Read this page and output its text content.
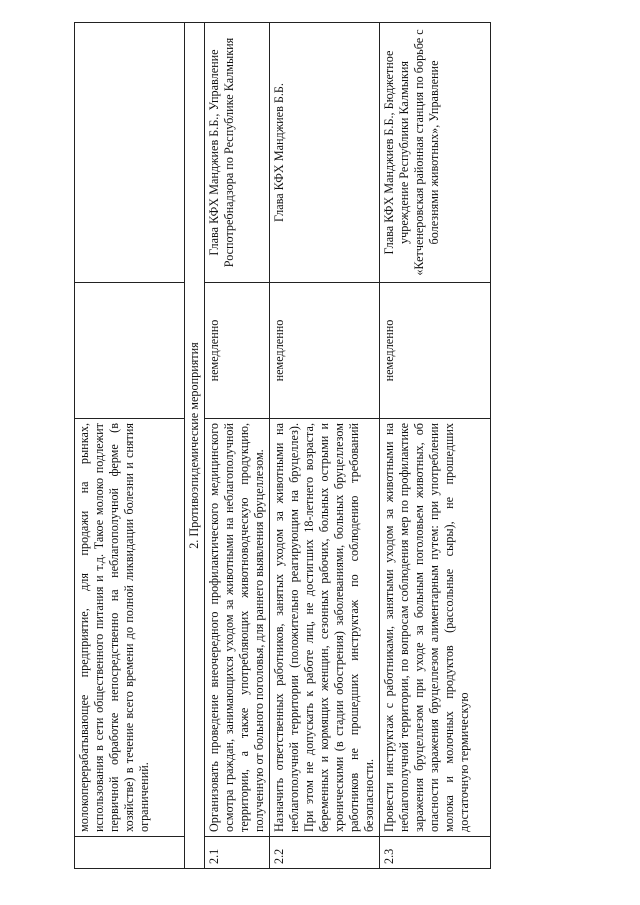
	молокоперерабатывающее предприятие, для продажи на рынках, использования в сети общественного питания и т.д. Такое молоко подлежит первичной обработке непосредственно на неблагополучной ферме (в хозяйстве) в течение всего времени до полной ликвидации болезни и снятия ограничений.		
2. Противоэпидемические мероприятия			
2.1	Организовать проведение внеочередного профилактического медицинского осмотра граждан, занимающихся уходом за животными на неблагополучной территории, а также употребляющих животноводческую продукцию, полученную от больного поголовья, для раннего выявления бруцеллезом.	немедленно	Глава КФХ Манджиев Б.Б., Управление Роспотребнадзора по Республике Калмыкия
2.2	Назначить ответственных работников, занятых уходом за животными на неблагополучной территории (положительно реагирующим на бруцеллез). При этом не допускать к работе лиц, не достигших 18-летнего возраста, беременных и кормящих женщин, сезонных рабочих, больных острыми и хроническими (в стадии обострения) заболеваниями, больных бруцеллезом работников не прошедших инструктаж по соблюдению требований безопасности.	немедленно	Глава КФХ Манджиев Б.Б.
2.3	Провести инструктаж с работниками, занятыми уходом за животными на неблагополучной территории, по вопросам соблюдения мер по профилактике заражения бруцеллезом при уходе за больным поголовьем животных, об опасности заражения бруцеллезом алиментарным путем: при употреблении молока и молочных продуктов (рассольные сыры), не прошедших достаточную термическую	немедленно	Глава КФХ Манджиев Б.Б., Бюджетное учреждение Республики Калмыкия «Кетченеровская районная станция по борьбе с болезнями животных», Управление
